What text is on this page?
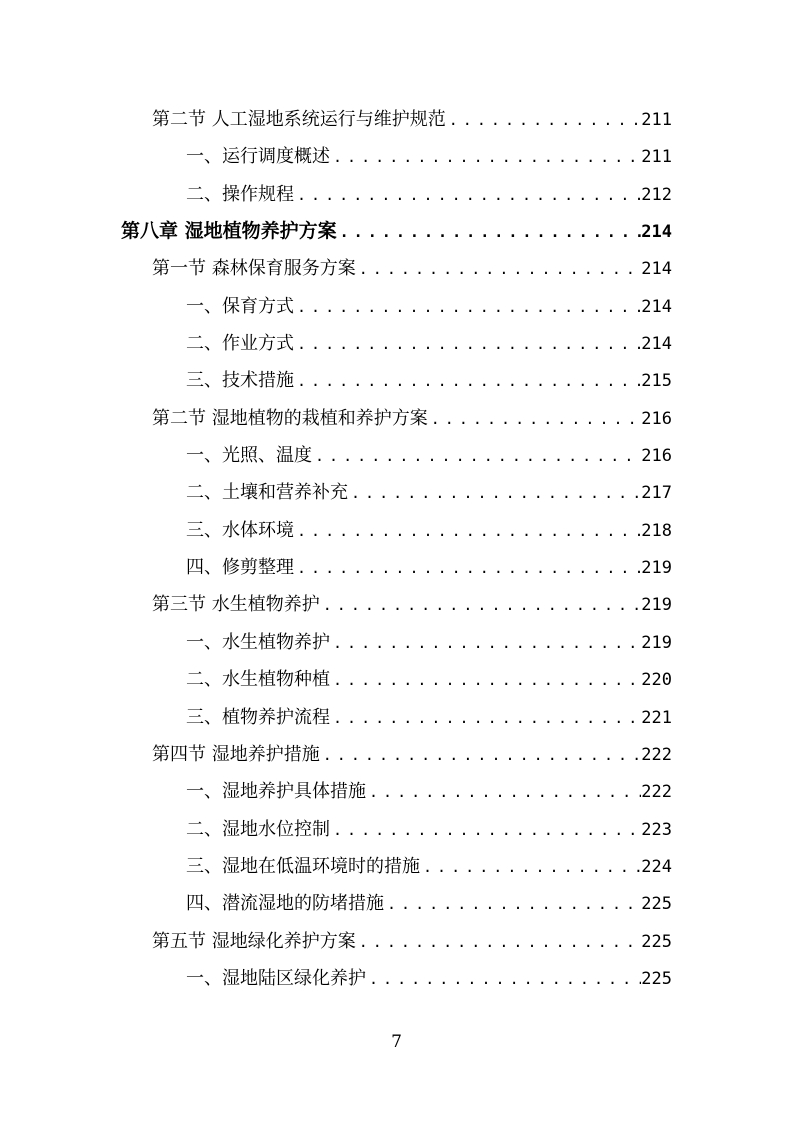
第二节 人工湿地系统运行与维护规范 . . .	211
一、运行调度概述 . . .	211
二、操作规程 . . .	212
第八章 湿地植物养护方案 . . .	214
第一节 森林保育服务方案 . . .	214
一、保育方式 . . .	214
二、作业方式 . . .	214
三、技术措施 . . .	215
第二节 湿地植物的栽植和养护方案 . . .	216
一、光照、温度 . . .	216
二、土壤和营养补充 . . .	217
三、水体环境 . . .	218
四、修剪整理 . . .	219
第三节 水生植物养护 . . .	219
一、水生植物养护 . . .	219
二、水生植物种植 . . .	220
三、植物养护流程 . . .	221
第四节 湿地养护措施 . . .	222
一、湿地养护具体措施 . . .	222
二、湿地水位控制 . . .	223
三、湿地在低温环境时的措施 . . .	224
四、潜流湿地的防堵措施 . . .	225
第五节 湿地绿化养护方案 . . .	225
一、湿地陆区绿化养护 . . .	225
7
